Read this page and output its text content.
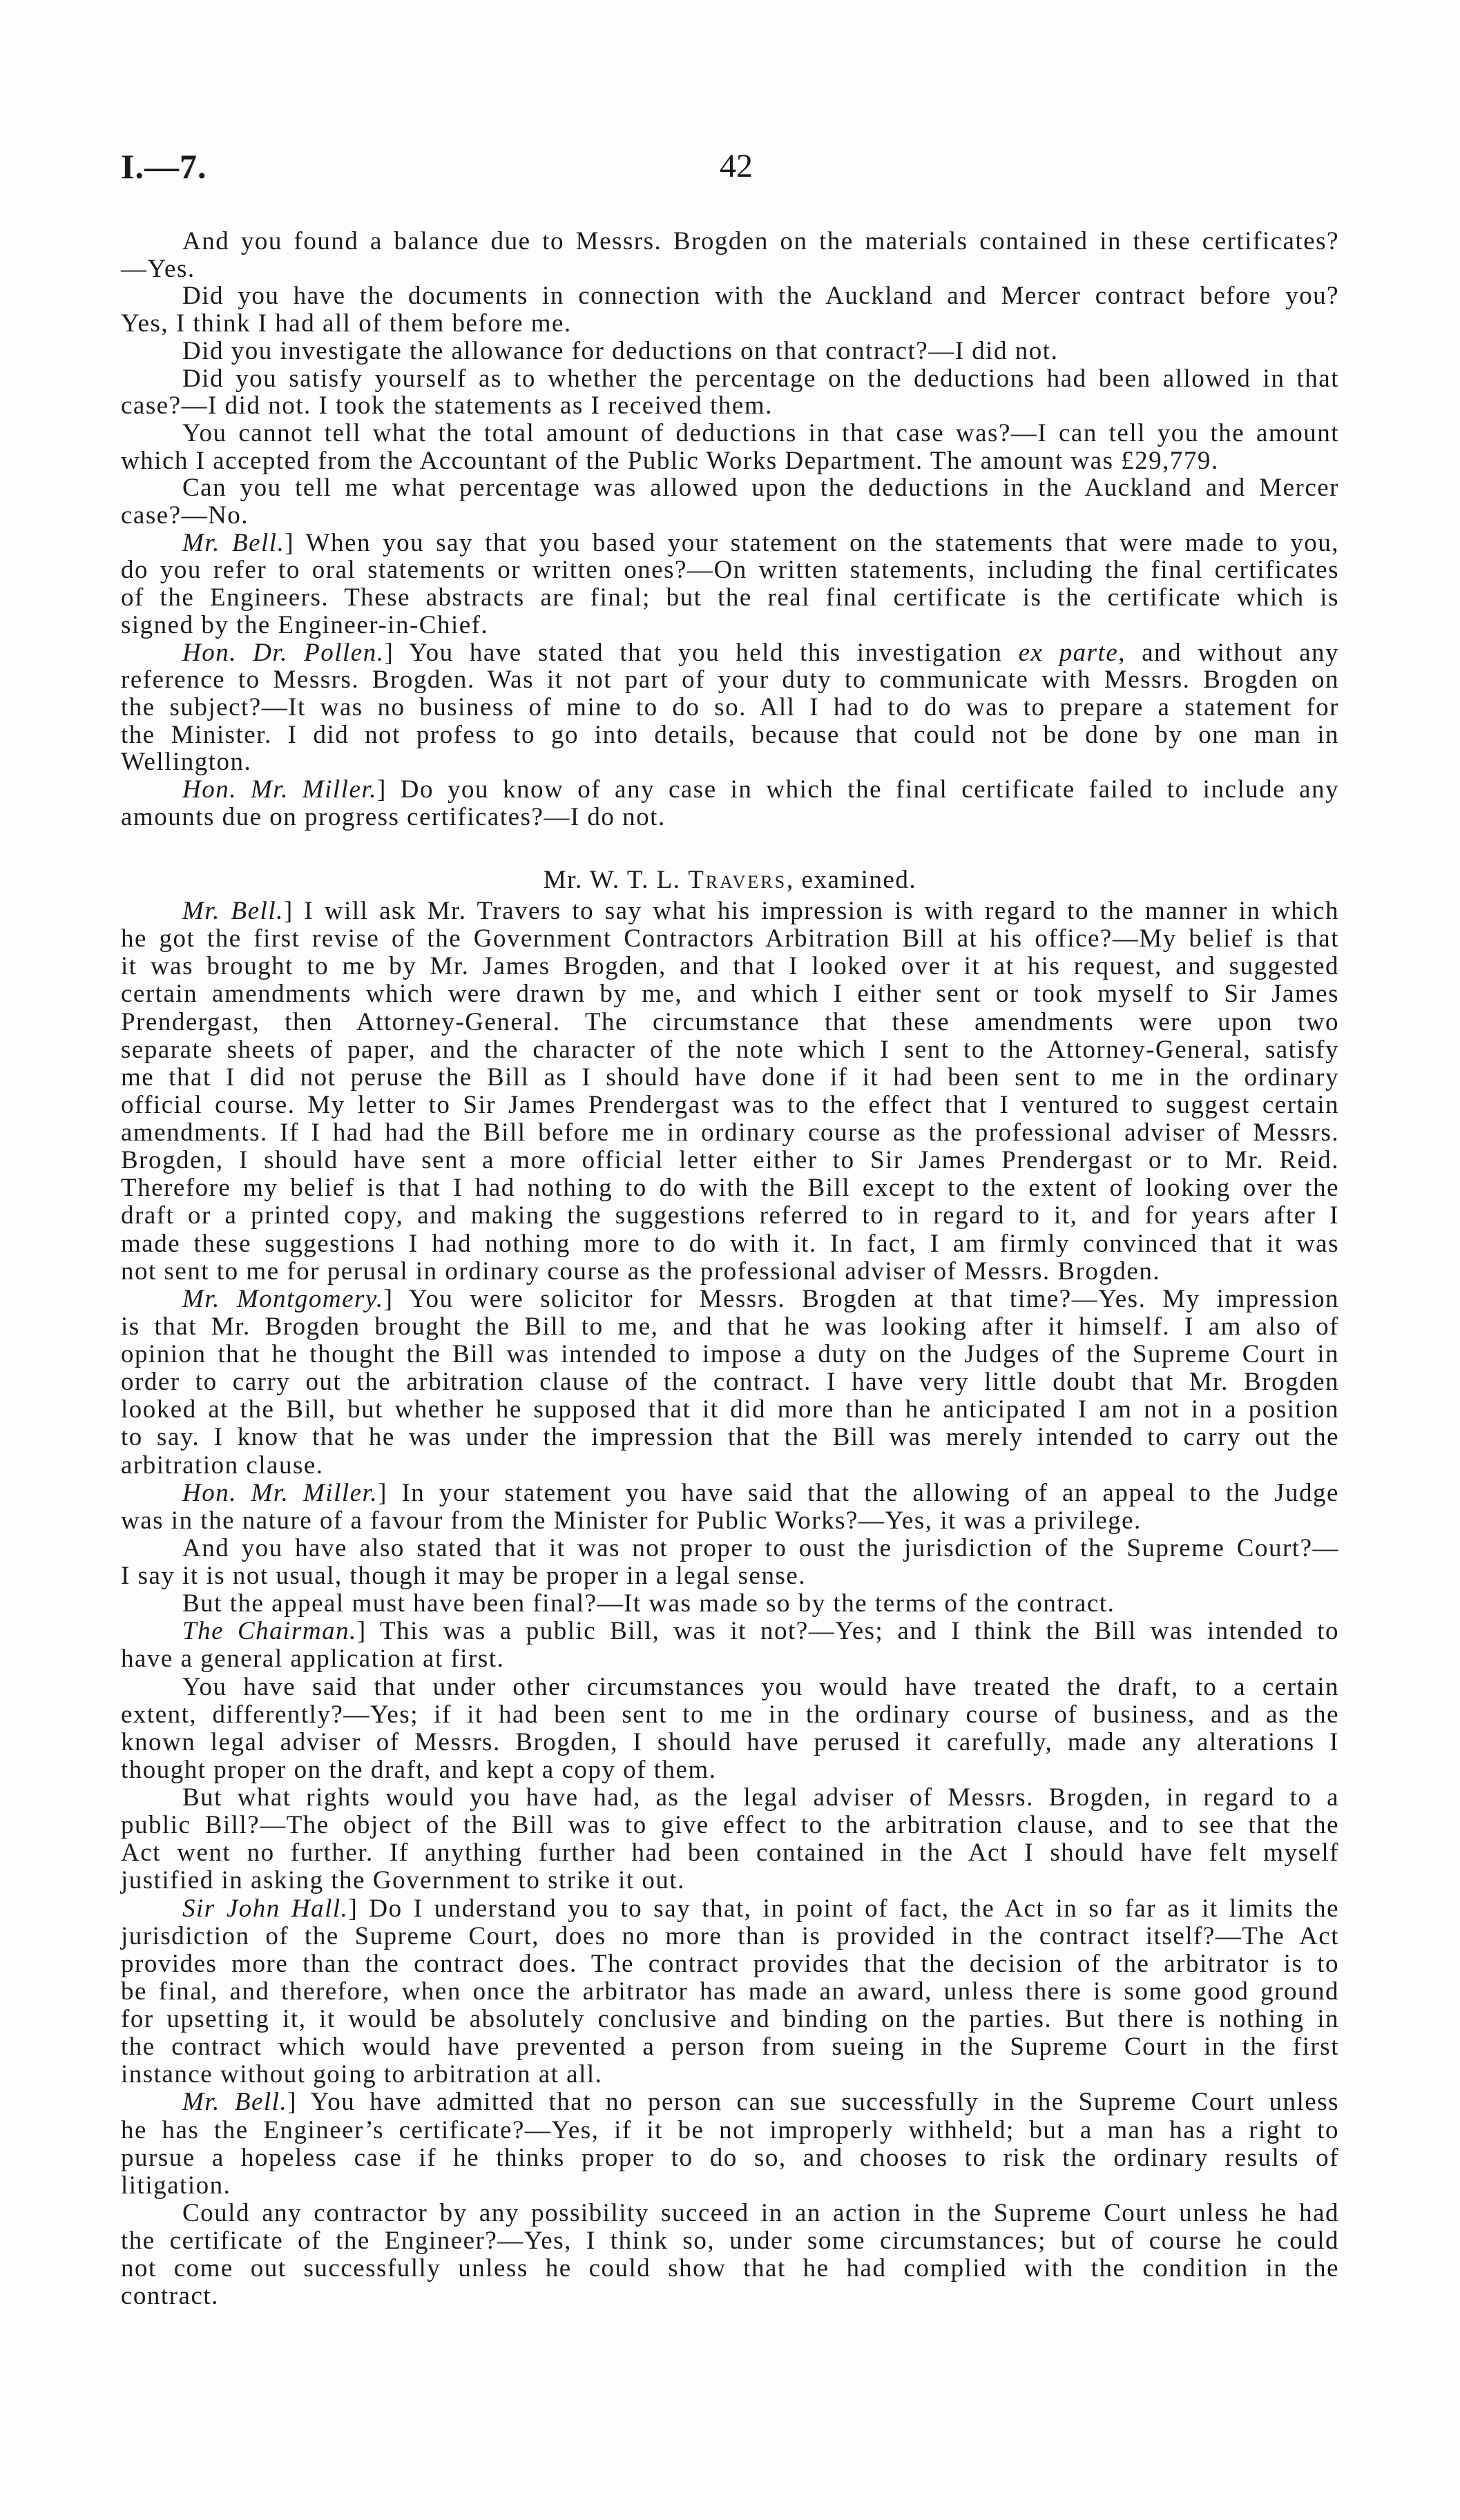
I.—7.	42
And you found a balance due to Messrs. Brogden on the materials contained in these certificates?
—Yes.
Did you have the documents in connection with the Auckland and Mercer contract before you?
Yes, I think I had all of them before me.
Did you investigate the allowance for deductions on that contract?—I did not.
Did you satisfy yourself as to whether the percentage on the deductions had been allowed in that
case?—I did not. I took the statements as I received them.
You cannot tell what the total amount of deductions in that case was?—I can tell you the amount
which I accepted from the Accountant of the Public Works Department. The amount was £29,779.
Can you tell me what percentage was allowed upon the deductions in the Auckland and Mercer
case?—No.
Mr. Bell.] When you say that you based your statement on the statements that were made to you,
do you refer to oral statements or written ones?—On written statements, including the final certificates
of the Engineers. These abstracts are final; but the real final certificate is the certificate which is
signed by the Engineer-in-Chief.
Hon. Dr. Pollen.] You have stated that you held this investigation ex parte, and without any
reference to Messrs. Brogden. Was it not part of your duty to communicate with Messrs. Brogden on
the subject?—It was no business of mine to do so. All I had to do was to prepare a statement for
the Minister. I did not profess to go into details, because that could not be done by one man in
Wellington.
Hon. Mr. Miller.] Do you know of any case in which the final certificate failed to include any
amounts due on progress certificates?—I do not.
Mr. W. T. L. Travers, examined.
Mr. Bell.] I will ask Mr. Travers to say what his impression is with regard to the manner in which
he got the first revise of the Government Contractors Arbitration Bill at his office?—My belief is that
it was brought to me by Mr. James Brogden, and that I looked over it at his request, and suggested
certain amendments which were drawn by me, and which I either sent or took myself to Sir James
Prendergast, then Attorney-General. The circumstance that these amendments were upon two
separate sheets of paper, and the character of the note which I sent to the Attorney-General, satisfy
me that I did not peruse the Bill as I should have done if it had been sent to me in the ordinary
official course. My letter to Sir James Prendergast was to the effect that I ventured to suggest certain
amendments. If I had had the Bill before me in ordinary course as the professional adviser of Messrs.
Brogden, I should have sent a more official letter either to Sir James Prendergast or to Mr. Reid.
Therefore my belief is that I had nothing to do with the Bill except to the extent of looking over the
draft or a printed copy, and making the suggestions referred to in regard to it, and for years after I
made these suggestions I had nothing more to do with it. In fact, I am firmly convinced that it was
not sent to me for perusal in ordinary course as the professional adviser of Messrs. Brogden.
Mr. Montgomery.] You were solicitor for Messrs. Brogden at that time?—Yes. My impression
is that Mr. Brogden brought the Bill to me, and that he was looking after it himself. I am also of
opinion that he thought the Bill was intended to impose a duty on the Judges of the Supreme Court in
order to carry out the arbitration clause of the contract. I have very little doubt that Mr. Brogden
looked at the Bill, but whether he supposed that it did more than he anticipated I am not in a position
to say. I know that he was under the impression that the Bill was merely intended to carry out the
arbitration clause.
Hon. Mr. Miller.] In your statement you have said that the allowing of an appeal to the Judge
was in the nature of a favour from the Minister for Public Works?—Yes, it was a privilege.
And you have also stated that it was not proper to oust the jurisdiction of the Supreme Court?—
I say it is not usual, though it may be proper in a legal sense.
But the appeal must have been final?—It was made so by the terms of the contract.
The Chairman.] This was a public Bill, was it not?—Yes; and I think the Bill was intended to
have a general application at first.
You have said that under other circumstances you would have treated the draft, to a certain
extent, differently?—Yes; if it had been sent to me in the ordinary course of business, and as the
known legal adviser of Messrs. Brogden, I should have perused it carefully, made any alterations I
thought proper on the draft, and kept a copy of them.
But what rights would you have had, as the legal adviser of Messrs. Brogden, in regard to a
public Bill?—The object of the Bill was to give effect to the arbitration clause, and to see that the
Act went no further. If anything further had been contained in the Act I should have felt myself
justified in asking the Government to strike it out.
Sir John Hall.] Do I understand you to say that, in point of fact, the Act in so far as it limits the
jurisdiction of the Supreme Court, does no more than is provided in the contract itself?—The Act
provides more than the contract does. The contract provides that the decision of the arbitrator is to
be final, and therefore, when once the arbitrator has made an award, unless there is some good ground
for upsetting it, it would be absolutely conclusive and binding on the parties. But there is nothing in
the contract which would have prevented a person from sueing in the Supreme Court in the first
instance without going to arbitration at all.
Mr. Bell.] You have admitted that no person can sue successfully in the Supreme Court unless
he has the Engineer’s certificate?—Yes, if it be not improperly withheld; but a man has a right to
pursue a hopeless case if he thinks proper to do so, and chooses to risk the ordinary results of
litigation.
Could any contractor by any possibility succeed in an action in the Supreme Court unless he had
the certificate of the Engineer?—Yes, I think so, under some circumstances; but of course he could
not come out successfully unless he could show that he had complied with the condition in the
contract.
